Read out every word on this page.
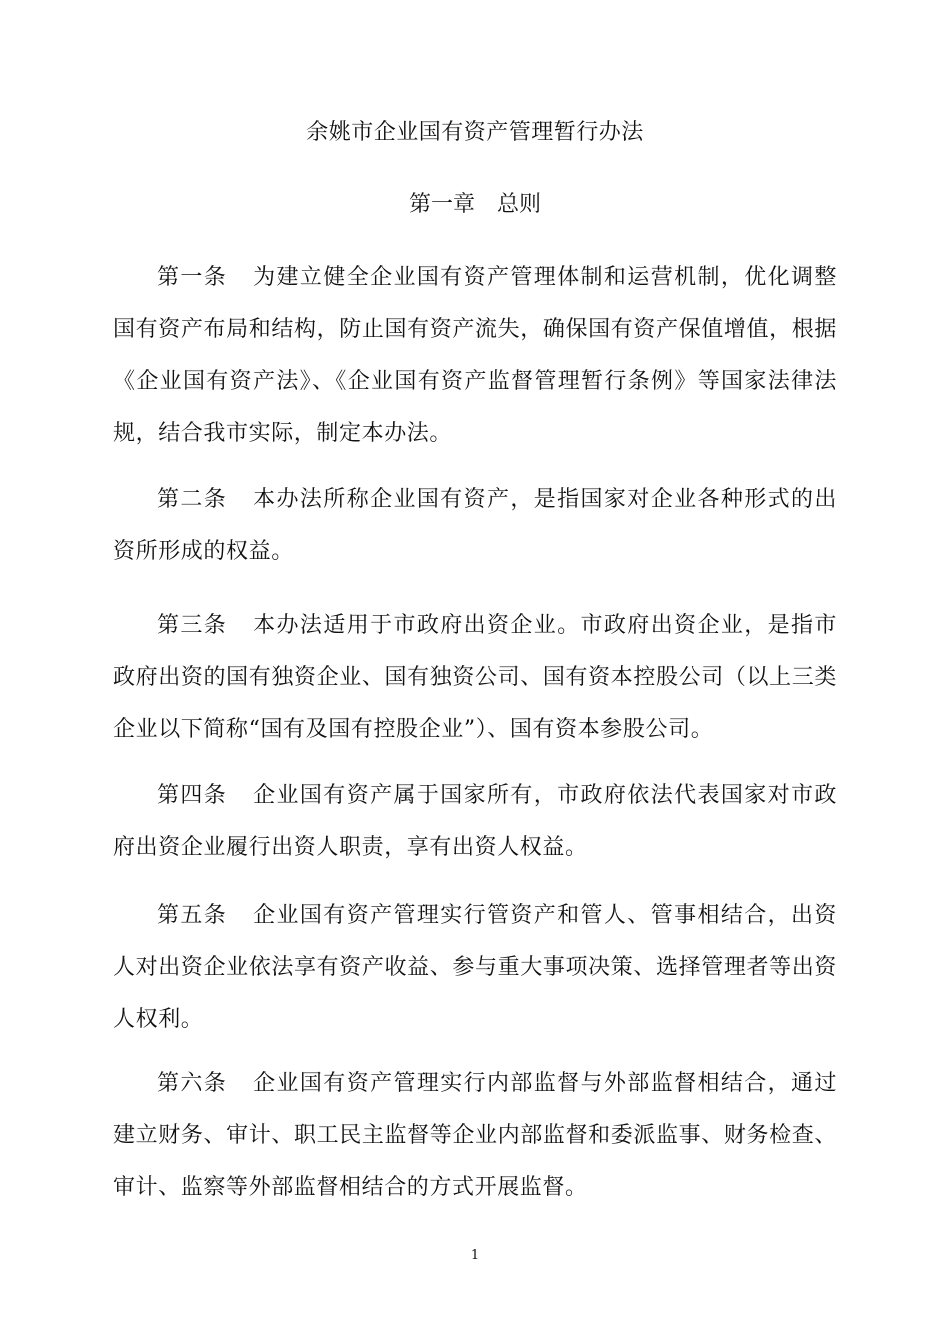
余姚市企业国有资产管理暂行办法
第一章　总则

第一条 为建立健全企业国有资产管理体制和运营机制，优化调整国有资产布局和结构，防止国有资产流失，确保国有资产保值增值，根据《企业国有资产法》、《企业国有资产监督管理暂行条例》等国家法律法规，结合我市实际，制定本办法。

第二条 本办法所称企业国有资产，是指国家对企业各种形式的出资所形成的权益。

第三条 本办法适用于市政府出资企业。市政府出资企业，是指市政府出资的国有独资企业、国有独资公司、国有资本控股公司（以上三类企业以下简称“国有及国有控股企业”）、国有资本参股公司。

第四条 企业国有资产属于国家所有，市政府依法代表国家对市政府出资企业履行出资人职责，享有出资人权益。

第五条 企业国有资产管理实行管资产和管人、管事相结合，出资人对出资企业依法享有资产收益、参与重大事项决策、选择管理者等出资人权利。

第六条 企业国有资产管理实行内部监督与外部监督相结合，通过建立财务、审计、职工民主监督等企业内部监督和委派监事、财务检查、审计、监察等外部监督相结合的方式开展监督。

1
